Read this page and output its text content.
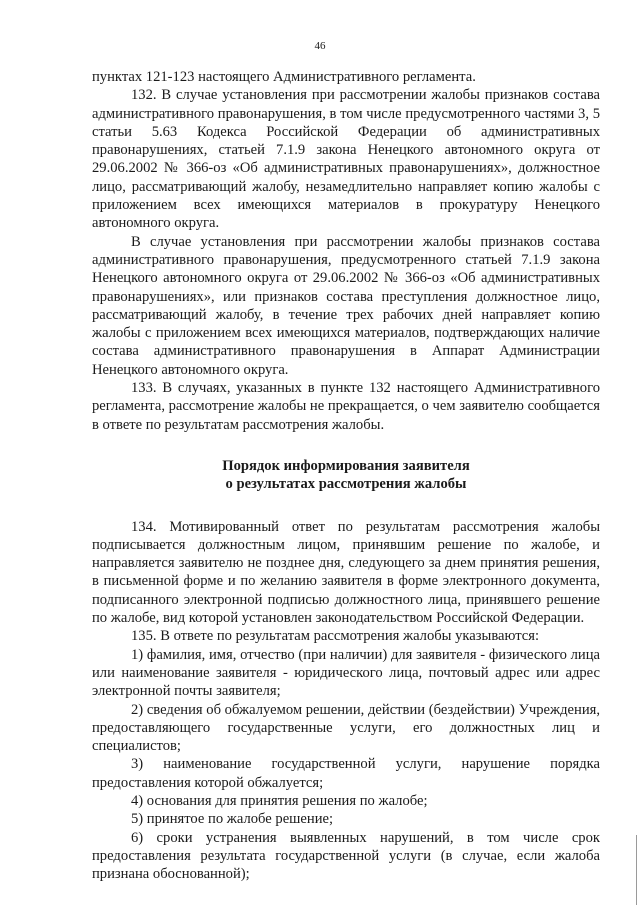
46

пунктах 121-123 настоящего Административного регламента.

132. В случае установления при рассмотрении жалобы признаков состава административного правонарушения, в том числе предусмотренного частями 3, 5 статьи 5.63 Кодекса Российской Федерации об административных правонарушениях, статьей 7.1.9 закона Ненецкого автономного округа от 29.06.2002 № 366-оз «Об административных правонарушениях», должностное лицо, рассматривающий жалобу, незамедлительно направляет копию жалобы с приложением всех имеющихся материалов в прокуратуру Ненецкого автономного округа.

В случае установления при рассмотрении жалобы признаков состава административного правонарушения, предусмотренного статьей 7.1.9 закона Ненецкого автономного округа от 29.06.2002 № 366-оз «Об административных правонарушениях», или признаков состава преступления должностное лицо, рассматривающий жалобу, в течение трех рабочих дней направляет копию жалобы с приложением всех имеющихся материалов, подтверждающих наличие состава административного правонарушения в Аппарат Администрации Ненецкого автономного округа.

133. В случаях, указанных в пункте 132 настоящего Административного регламента, рассмотрение жалобы не прекращается, о чем заявителю сообщается в ответе по результатам рассмотрения жалобы.

Порядок информирования заявителя
о результатах рассмотрения жалобы

134. Мотивированный ответ по результатам рассмотрения жалобы подписывается должностным лицом, принявшим решение по жалобе, и направляется заявителю не позднее дня, следующего за днем принятия решения, в письменной форме и по желанию заявителя в форме электронного документа, подписанного электронной подписью должностного лица, принявшего решение по жалобе, вид которой установлен законодательством Российской Федерации.

135. В ответе по результатам рассмотрения жалобы указываются:

1) фамилия, имя, отчество (при наличии) для заявителя - физического лица или наименование заявителя - юридического лица, почтовый адрес или адрес электронной почты заявителя;

2) сведения об обжалуемом решении, действии (бездействии) Учреждения, предоставляющего государственные услуги, его должностных лиц и специалистов;

3) наименование государственной услуги, нарушение порядка предоставления которой обжалуется;

4) основания для принятия решения по жалобе;

5) принятое по жалобе решение;

6) сроки устранения выявленных нарушений, в том числе срок предоставления результата государственной услуги (в случае, если жалоба признана обоснованной);
